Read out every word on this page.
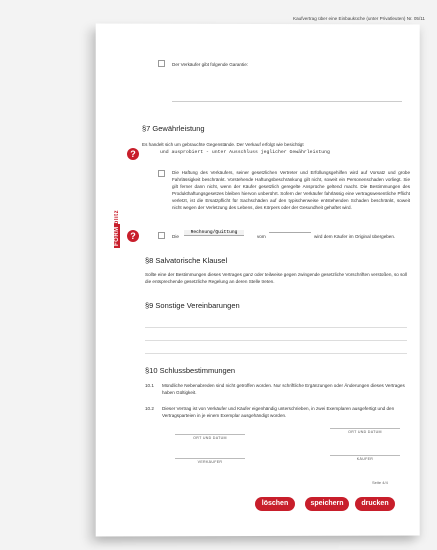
Kaufvertrag über eine Einbauküche (unter Privatleuten) Nr. 05/11
Der Verkäufer gibt folgende Garantie:
§7 Gewährleistung
Es handelt sich um gebrauchte Gegenstände. Der Verkauf erfolgt wie besichtigt
?	und ausprobiert - unter Ausschluss jeglicher Gewährleistung
Die Haftung des Verkäufers, seiner gesetzlichen Vertreter und Erfüllungsgehilfen wird auf Vorsatz und grobe Fahrlässigkeit beschränkt. Vorstehende Haftungsbeschränkung gilt nicht, soweit ein Personenschaden vorliegt. Sie gilt ferner dann nicht, wenn der Käufer gesetzlich geregelte Ansprüche geltend macht. Die Bestimmungen des Produkthaftungsgesetzes bleiben hiervon unberührt. Sofern der Verkäufer fahrlässig eine vertragswesentliche Pflicht verletzt, ist die Ersatzpflicht für Sachschäden auf den typischerweise entstehenden Schaden beschränkt, soweit nicht wegen der Verletzung des Lebens, des Körpers oder der Gesundheit gehaftet wird.
?	Die
Rechnung/Quittung
vom	wird dem Käufer im Original übergeben.
FORMblitz
§8 Salvatorische Klausel
Sollte eine der Bestimmungen dieses Vertrages ganz oder teilweise gegen zwingende gesetzliche Vorschriften verstoßen, so soll die entsprechende gesetzliche Regelung an deren Stelle treten.
§9 Sonstige Vereinbarungen
§10 Schlussbestimmungen
10.1 Mündliche Nebenabreden sind nicht getroffen worden. Nur schriftliche Ergänzungen oder Änderungen dieses Vertrages haben Gültigkeit.
10.2 Dieser Vertrag ist von Verkäufer und Käufer eigenhändig unterschrieben, in zwei Exemplaren ausgefertigt und den Vertragsparteien in je einem Exemplar ausgehändigt worden.
ORT UND DATUM
ORT UND DATUM
VERKÄUFER
KÄUFER
Seite 4/4
löschen	speichern	drucken
